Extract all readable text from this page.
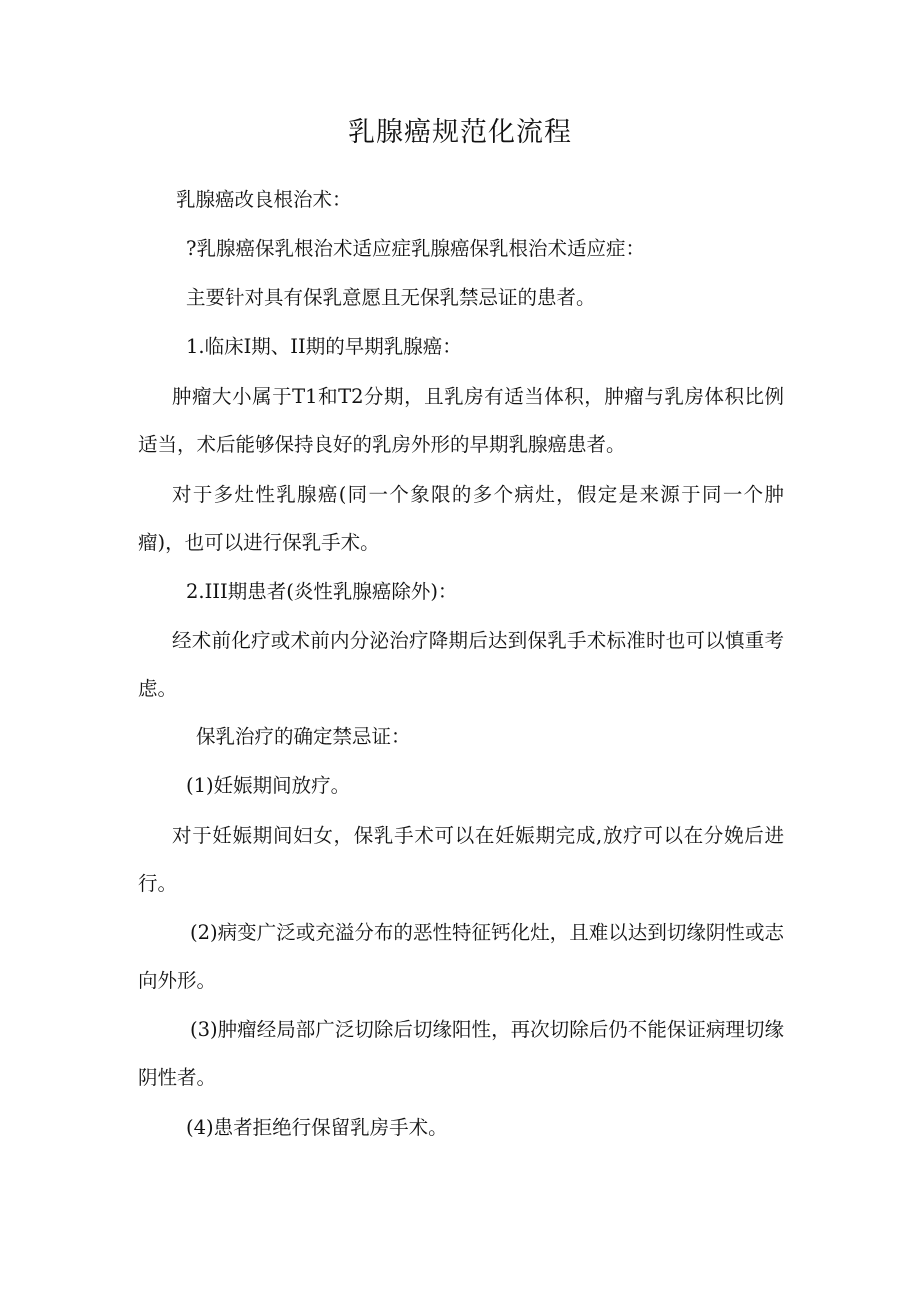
乳腺癌规范化流程

乳腺癌改良根治术：

?乳腺癌保乳根治术适应症乳腺癌保乳根治术适应症：

主要针对具有保乳意愿且无保乳禁忌证的患者。

1.临床I期、II期的早期乳腺癌：

肿瘤大小属于T1和T2分期，且乳房有适当体积，肿瘤与乳房体积比例适当，术后能够保持良好的乳房外形的早期乳腺癌患者。

对于多灶性乳腺癌(同一个象限的多个病灶，假定是来源于同一个肿瘤)，也可以进行保乳手术。

2.III期患者(炎性乳腺癌除外)：

经术前化疗或术前内分泌治疗降期后达到保乳手术标准时也可以慎重考虑。

保乳治疗的确定禁忌证：

(1)妊娠期间放疗。

对于妊娠期间妇女，保乳手术可以在妊娠期完成,放疗可以在分娩后进行。

(2)病变广泛或充溢分布的恶性特征钙化灶，且难以达到切缘阴性或志向外形。

(3)肿瘤经局部广泛切除后切缘阳性，再次切除后仍不能保证病理切缘阴性者。

(4)患者拒绝行保留乳房手术。
